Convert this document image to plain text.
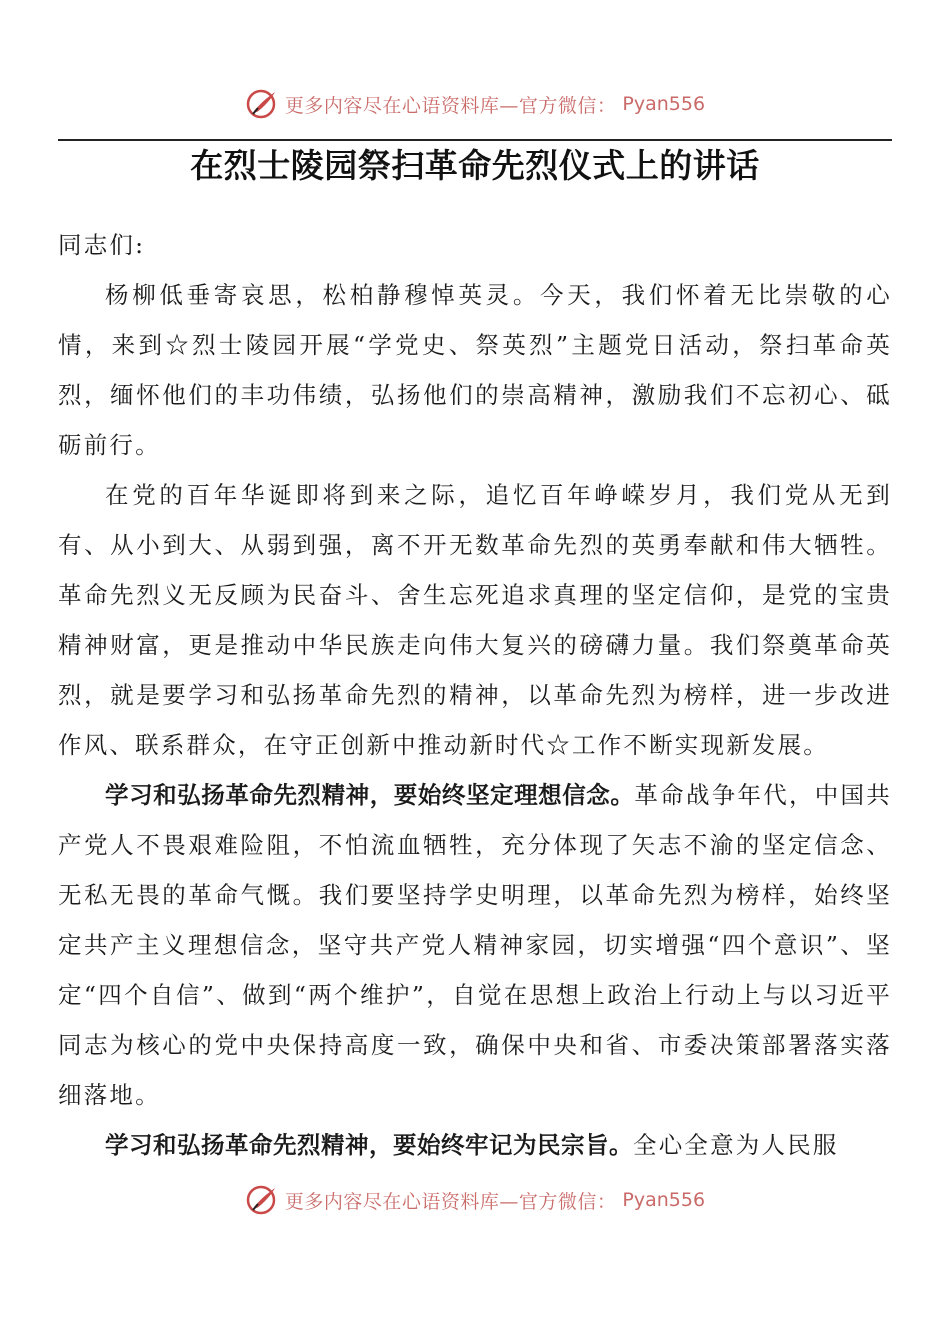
更多内容尽在心语资料库—官方微信： Pyan556
在烈士陵园祭扫革命先烈仪式上的讲话

同志们:

杨柳低垂寄哀思，松柏静穆悼英灵。今天，我们怀着无比崇敬的心情，来到☆烈士陵园开展“学党史、祭英烈”主题党日活动，祭扫革命英烈，缅怀他们的丰功伟绩，弘扬他们的崇高精神，激励我们不忘初心、砥砺前行。

在党的百年华诞即将到来之际，追忆百年峥嵘岁月，我们党从无到有、从小到大、从弱到强，离不开无数革命先烈的英勇奉献和伟大牺牲。革命先烈义无反顾为民奋斗、舍生忘死追求真理的坚定信仰，是党的宝贵精神财富，更是推动中华民族走向伟大复兴的磅礴力量。我们祭奠革命英烈，就是要学习和弘扬革命先烈的精神，以革命先烈为榜样，进一步改进作风、联系群众，在守正创新中推动新时代☆工作不断实现新发展。

学习和弘扬革命先烈精神，要始终坚定理想信念。革命战争年代，中国共产党人不畏艰难险阻，不怕流血牺牲，充分体现了矢志不渝的坚定信念、无私无畏的革命气慨。我们要坚持学史明理，以革命先烈为榜样，始终坚定共产主义理想信念，坚守共产党人精神家园，切实增强“四个意识”、坚定“四个自信”、做到“两个维护”，自觉在思想上政治上行动上与以习近平同志为核心的党中央保持高度一致，确保中央和省、市委决策部署落实落细落地。

学习和弘扬革命先烈精神，要始终牢记为民宗旨。全心全意为人民服

更多内容尽在心语资料库—官方微信： Pyan556
